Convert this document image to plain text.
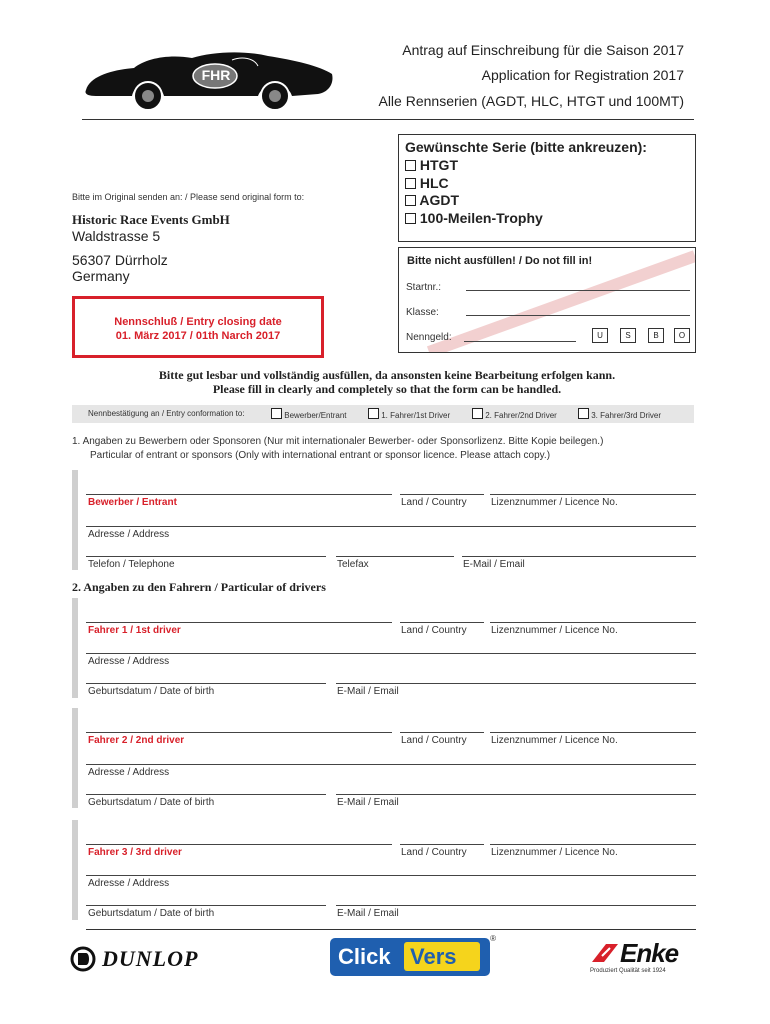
FHR
Antrag auf Einschreibung für die Saison 2017
Application for Registration 2017
Alle Rennserien (AGDT, HLC, HTGT und 100MT)
Bitte im Original senden an: / Please send original form to:
Historic Race Events GmbH
Waldstrasse 5
56307 Dürrholz
Germany
Nennschluß / Entry closing date
01. März 2017 / 01th Narch 2017
Gewünschte Serie (bitte ankreuzen):
HTGT
HLC
AGDT
100-Meilen-Trophy
Bitte nicht ausfüllen! / Do not fill in!
Startnr.:
Klasse:
Nenngeld:	U	S	B	O
Bitte gut lesbar und vollständig ausfüllen, da ansonsten keine Bearbeitung erfolgen kann.
Please fill in clearly and completely so that the form can be handled.
Nennbestätigung an / Entry conformation to:	Bewerber/Entrant	1. Fahrer/1st Driver	2. Fahrer/2nd Driver	3. Fahrer/3rd Driver
1. Angaben zu Bewerbern oder Sponsoren (Nur mit internationaler Bewerber- oder Sponsorlizenz. Bitte Kopie beilegen.)
Particular of entrant or sponsors (Only with international entrant or sponsor licence. Please attach copy.)
Bewerber / Entrant	Land / Country Lizenznummer / Licence No.
Adresse / Address
Telefon / Telephone	Telefax	E-Mail / Email
2. Angaben zu den Fahrern / Particular of drivers
Fahrer 1 / 1st driver	Land / Country Lizenznummer / Licence No.
Adresse / Address
Geburtsdatum / Date of birth	E-Mail / Email
Fahrer 2 / 2nd driver	Land / Country Lizenznummer / Licence No.
Adresse / Address
Geburtsdatum / Date of birth	E-Mail / Email
Fahrer 3 / 3rd driver	Land / Country Lizenznummer / Licence No.
Adresse / Address
Geburtsdatum / Date of birth	E-Mail / Email
DUNLOP	Click Vers
®	Enke
Produziert Qualität seit 1924
